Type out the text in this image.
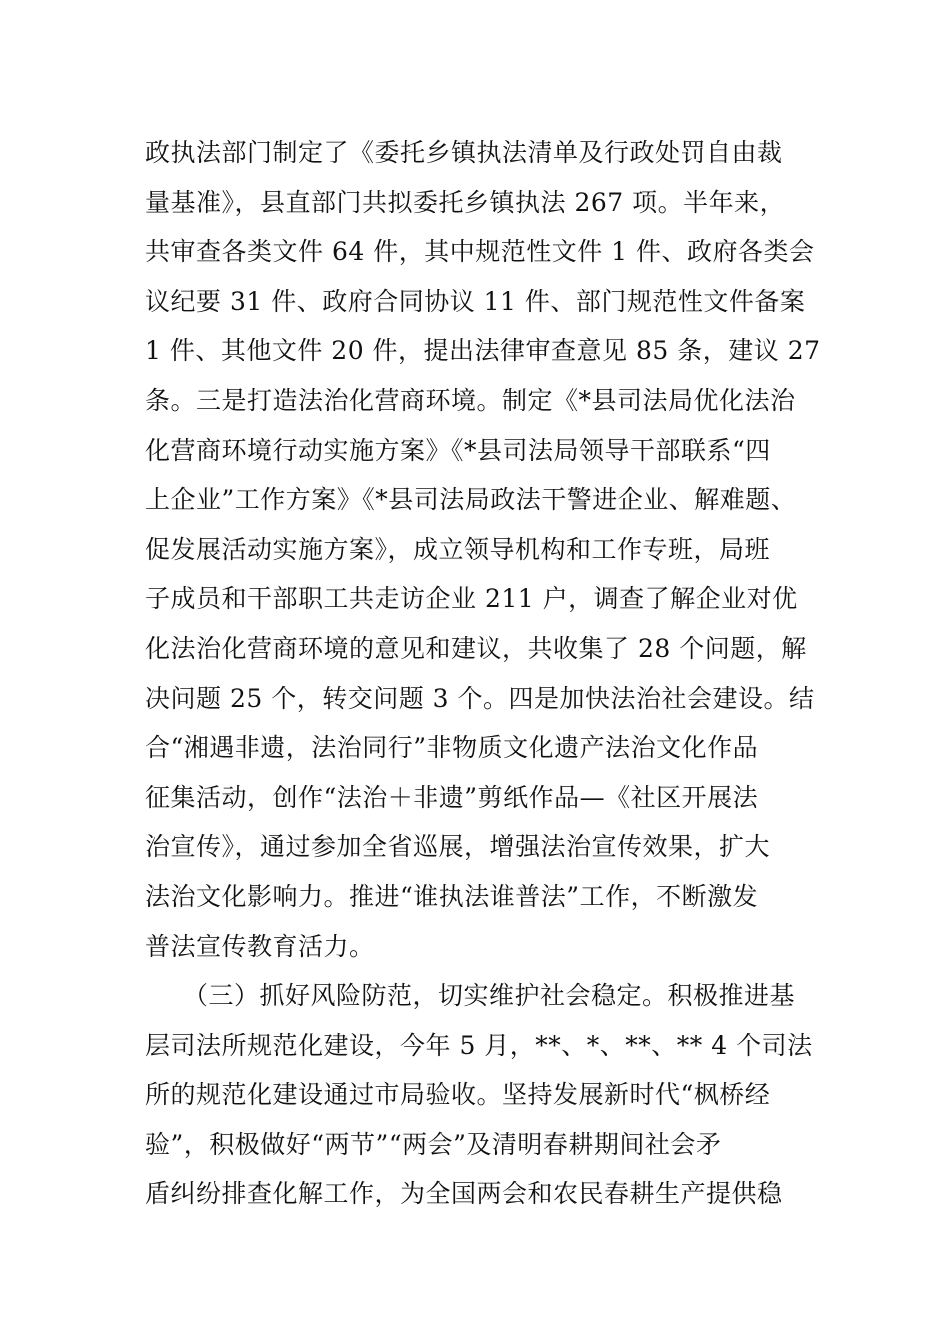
政执法部门制定了《委托乡镇执法清单及行政处罚自由裁
量基准》，县直部门共拟委托乡镇执法 267 项。半年来，
共审查各类文件 64 件，其中规范性文件 1 件、政府各类会
议纪要 31 件、政府合同协议 11 件、部门规范性文件备案
1 件、其他文件 20 件，提出法律审查意见 85 条，建议 27
条。三是打造法治化营商环境。制定《*县司法局优化法治
化营商环境行动实施方案》《*县司法局领导干部联系“四
上企业”工作方案》《*县司法局政法干警进企业、解难题、
促发展活动实施方案》，成立领导机构和工作专班，局班
子成员和干部职工共走访企业 211 户，调查了解企业对优
化法治化营商环境的意见和建议，共收集了 28 个问题，解
决问题 25 个，转交问题 3 个。四是加快法治社会建设。结
合“湘遇非遗，法治同行”非物质文化遗产法治文化作品
征集活动，创作“法治＋非遗”剪纸作品—《社区开展法
治宣传》，通过参加全省巡展，增强法治宣传效果，扩大
法治文化影响力。推进“谁执法谁普法”工作，不断激发
普法宣传教育活力。
（三）抓好风险防范，切实维护社会稳定。积极推进基
层司法所规范化建设，今年 5 月，**、*、**、** 4 个司法
所的规范化建设通过市局验收。坚持发展新时代“枫桥经
验”，积极做好“两节”“两会”及清明春耕期间社会矛
盾纠纷排查化解工作，为全国两会和农民春耕生产提供稳
